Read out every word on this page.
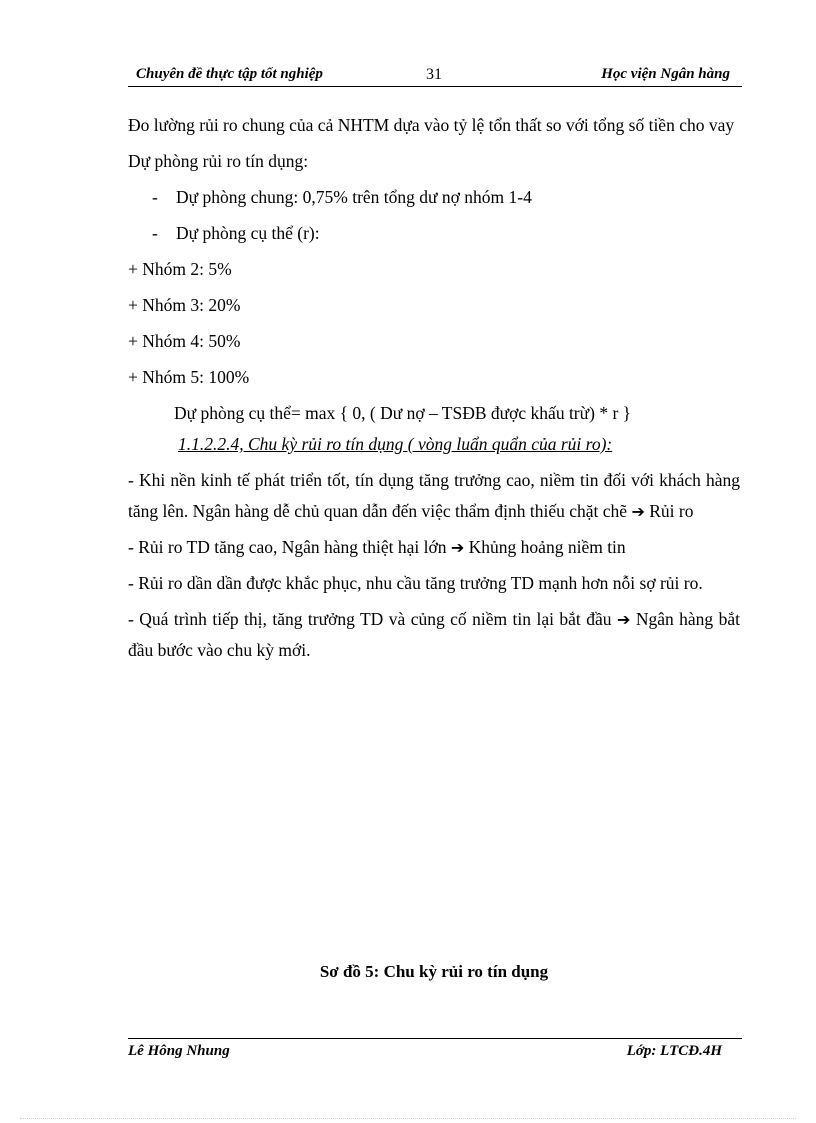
Chuyên đề thực tập tốt nghiệp	31	Học viện Ngân hàng

Đo lường rủi ro chung của cả NHTM dựa vào tỷ lệ tổn thất so với tổng số tiền cho vay

Dự phòng rủi ro tín dụng:

- Dự phòng chung: 0,75% trên tổng dư nợ nhóm 1-4

- Dự phòng cụ thể (r):

+ Nhóm 2: 5%

+ Nhóm 3: 20%

+ Nhóm 4: 50%

+ Nhóm 5: 100%

Dự phòng cụ thể= max { 0, ( Dư nợ – TSĐB được khấu trừ) * r }

1.1.2.2.4, Chu kỳ rủi ro tín dụng ( vòng luẩn quẩn của rủi ro):

- Khi nền kinh tế phát triển tốt, tín dụng tăng trưởng cao, niềm tin đối với khách hàng tăng lên. Ngân hàng dễ chủ quan dẫn đến việc thẩm định thiếu chặt chẽ ➔ Rủi ro

- Rủi ro TD tăng cao, Ngân hàng thiệt hại lớn ➔ Khủng hoảng niềm tin

- Rủi ro dần dần được khắc phục, nhu cầu tăng trưởng TD mạnh hơn nỗi sợ rủi ro.

- Quá trình tiếp thị, tăng trưởng TD và củng cố niềm tin lại bắt đầu ➔ Ngân hàng bắt đầu bước vào chu kỳ mới.

Sơ đồ 5: Chu kỳ rủi ro tín dụng
Lê Hông Nhung	Lớp: LTCĐ.4H
